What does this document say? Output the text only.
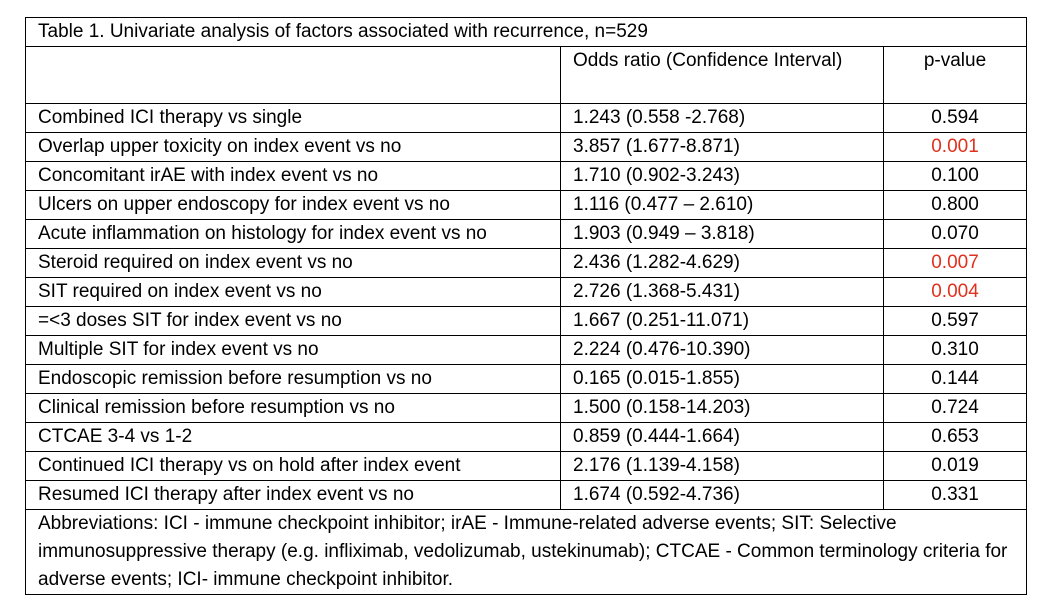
Table 1. Univariate analysis of factors associated with recurrence, n=529		
	Odds ratio (Confidence Interval)	p-value
Combined ICI therapy vs single	1.243 (0.558 -2.768)	0.594
Overlap upper toxicity on index event vs no	3.857 (1.677-8.871)	0.001
Concomitant irAE with index event vs no	1.710 (0.902-3.243)	0.100
Ulcers on upper endoscopy for index event vs no	1.116 (0.477 – 2.610)	0.800
Acute inflammation on histology for index event vs no	1.903 (0.949 – 3.818)	0.070
Steroid required on index event vs no	2.436 (1.282-4.629)	0.007
SIT required on index event vs no	2.726 (1.368-5.431)	0.004
=<3 doses SIT for index event vs no	1.667 (0.251-11.071)	0.597
Multiple SIT for index event vs no	2.224 (0.476-10.390)	0.310
Endoscopic remission before resumption vs no	0.165 (0.015-1.855)	0.144
Clinical remission before resumption vs no	1.500 (0.158-14.203)	0.724
CTCAE 3-4 vs 1-2	0.859 (0.444-1.664)	0.653
Continued ICI therapy vs on hold after index event	2.176 (1.139-4.158)	0.019
Resumed ICI therapy after index event vs no	1.674 (0.592-4.736)	0.331
Abbreviations: ICI - immune checkpoint inhibitor; irAE - Immune-related adverse events; SIT: Selective immunosuppressive therapy (e.g. infliximab, vedolizumab, ustekinumab); CTCAE - Common terminology criteria for adverse events; ICI- immune checkpoint inhibitor.		
